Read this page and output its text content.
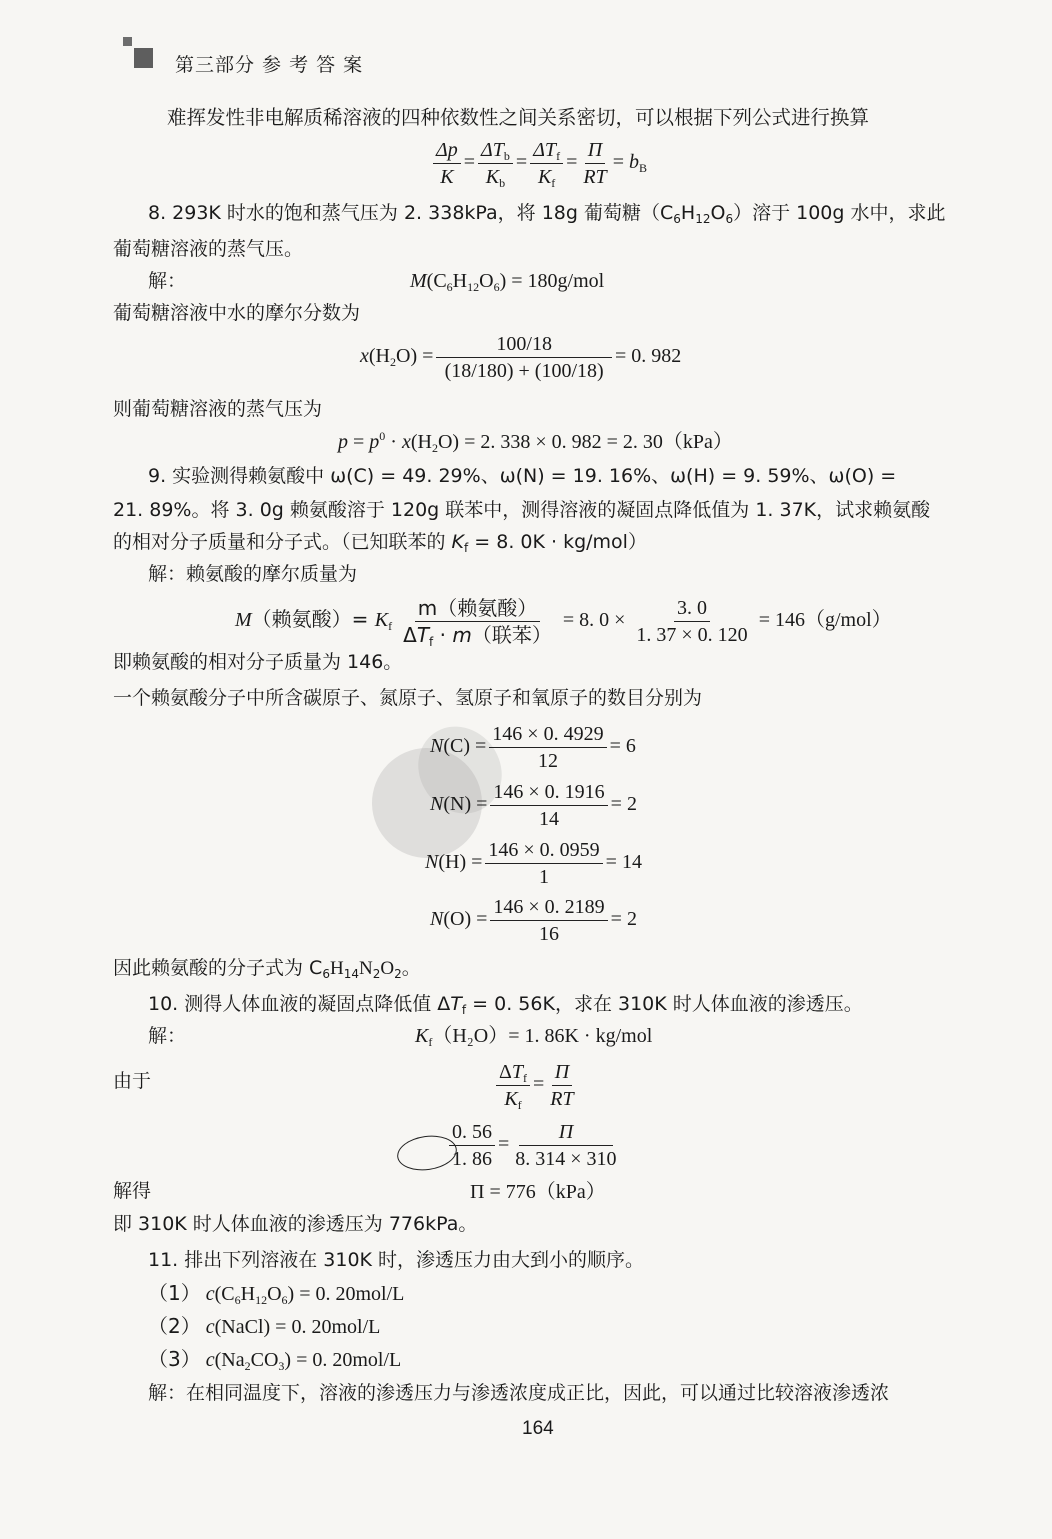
第三部分 参 考 答 案
难挥发性非电解质稀溶液的四种依数性之间关系密切，可以根据下列公式进行换算
$\frac{\Delta p}{K} = \frac{\Delta T_b}{K_b} = \frac{\Delta T_f}{K_f} = \frac{\Pi}{RT} = b_B$
8. 293K 时水的饱和蒸气压为 2. 338kPa，将 18g 葡萄糖$(C_6H_{12}O_6)$溶于 100g 水中，求此
葡萄糖溶液的蒸气压。
解：	$M(C_6H_{12}O_6) = 180g/mol$
葡萄糖溶液中水的摩尔分数为
$x(H_2O) = \frac{100/18}{(18/180) + (100/18)} = 0$. 982
则葡萄糖溶液的蒸气压为
$p = p^0 \cdot x(H_2O) = 2$. 338 × 0. 982 = 2. 30（kPa）
9. 实验测得赖氨酸中 ω(C) = 49. 29%、ω(N) = 19. 16%、ω(H) = 9. 59%、ω(O) =
21. 89%。将 3. 0g 赖氨酸溶于 120g 联苯中，测得溶液的凝固点降低值为 1. 37K，试求赖氨酸
的相对分子质量和分子式。（已知联苯的 $K_f = 8$. 0K · kg/mol）
解：赖氨酸的摩尔质量为
M（赖氨酸）= $K_f \frac{\text{m（赖氨酸）}}{\Delta T_f \cdot m(联苯)} = 8$. $0 \times \frac{3. 0}{1. 37 \times 0. 120} = 146(g/mol)$
即赖氨酸的相对分子质量为 146。
一个赖氨酸分子中所含碳原子、氮原子、氢原子和氧原子的数目分别为
$N(C) = \frac{146 \times 0. 4929}{12} = 6$
$N(N) = \frac{146 \times 0. 1916}{14} = 2$
$N(H) = \frac{146 \times 0. 0959}{1} = 14$
$N(O) = \frac{146 \times 0. 2189}{16} = 2$
因此赖氨酸的分子式为 $C_6H_{14}N_2O_2$。
10. 测得人体血液的凝固点降低值 $\Delta T_f = 0$. 56K，求在 310K 时人体血液的渗透压。
解：	$K_f(H_2O)= 1$. 86K · kg/mol
由于	$\frac{\Delta T_f}{K_f} = \frac{\Pi}{RT}$
$\frac{0. 56}{1. 86} = \frac{\Pi}{8. 314 \times 310}$
解得	Π = 776（kPa）
即 310K 时人体血液的渗透压为 776kPa。
11. 排出下列溶液在 310K 时，渗透压力由大到小的顺序。
（1） $c(C_6H_{12}O_6) = 0$. 20mol/L
（2） c(NaCl) = 0. 20mol/L
（3） $c(Na_2CO_3) = 0$. 20mol/L
解：在相同温度下，溶液的渗透压力与渗透浓度成正比，因此，可以通过比较溶液渗透浓
164
